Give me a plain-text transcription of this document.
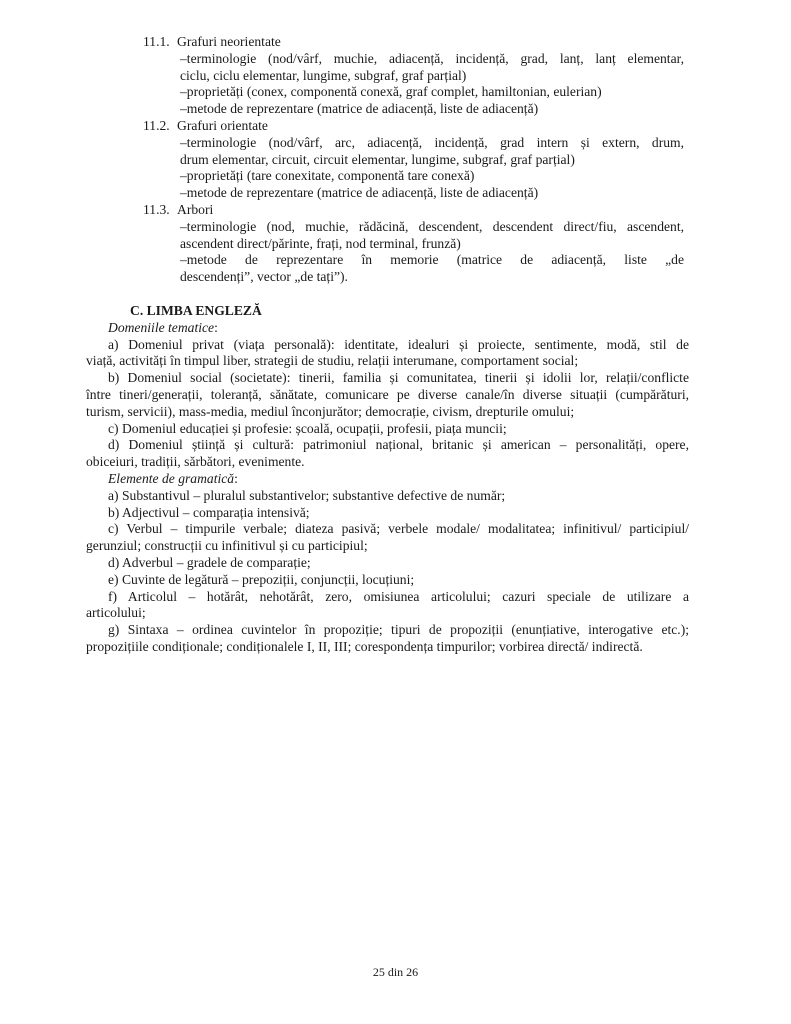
11.1. Grafuri neorientate
–terminologie (nod/vârf, muchie, adiacență, incidență, grad, lanț, lanț elementar,
ciclu, ciclu elementar, lungime, subgraf, graf parțial)
–proprietăți (conex, componentă conexă, graf complet, hamiltonian, eulerian)
–metode de reprezentare (matrice de adiacență, liste de adiacență)
11.2. Grafuri orientate
–terminologie (nod/vârf, arc, adiacență, incidență, grad intern și extern, drum,
drum elementar, circuit, circuit elementar, lungime, subgraf, graf parțial)
–proprietăți (tare conexitate, componentă tare conexă)
–metode de reprezentare (matrice de adiacență, liste de adiacență)
11.3. Arbori
–terminologie (nod, muchie, rădăcină, descendent, descendent direct/fiu, ascendent,
ascendent direct/părinte, frați, nod terminal, frunză)
–metode de reprezentare în memorie (matrice de adiacență, liste „de
descendenți”, vector „de tați”).
C. LIMBA ENGLEZĂ
Domeniile tematice:
a) Domeniul privat (viața personală): identitate, idealuri și proiecte, sentimente, modă, stil de
viață, activități în timpul liber, strategii de studiu, relații interumane, comportament social;
b) Domeniul social (societate): tinerii, familia și comunitatea, tinerii și idolii lor, relații/conflicte
între tineri/generații, toleranță, sănătate, comunicare pe diverse canale/în diverse situații (cumpărături,
turism, servicii), mass-media, mediul înconjurător; democrație, civism, drepturile omului;
c) Domeniul educației și profesie: școală, ocupații, profesii, piața muncii;
d) Domeniul știință și cultură: patrimoniul național, britanic și american – personalități, opere,
obiceiuri, tradiții, sărbători, evenimente.
Elemente de gramatică:
a) Substantivul – pluralul substantivelor; substantive defective de număr;
b) Adjectivul – comparația intensivă;
c) Verbul – timpurile verbale; diateza pasivă; verbele modale/ modalitatea; infinitivul/ participiul/
gerunziul; construcții cu infinitivul și cu participiul;
d) Adverbul – gradele de comparație;
e) Cuvinte de legătură – prepoziții, conjuncții, locuțiuni;
f) Articolul – hotărât, nehotărât, zero, omisiunea articolului; cazuri speciale de utilizare a
articolului;
g) Sintaxa – ordinea cuvintelor în propoziție; tipuri de propoziții (enunțiative, interogative etc.);
propozițiile condiționale; condiționalele I, II, III; corespondența timpurilor; vorbirea directă/ indirectă.
25 din 26
